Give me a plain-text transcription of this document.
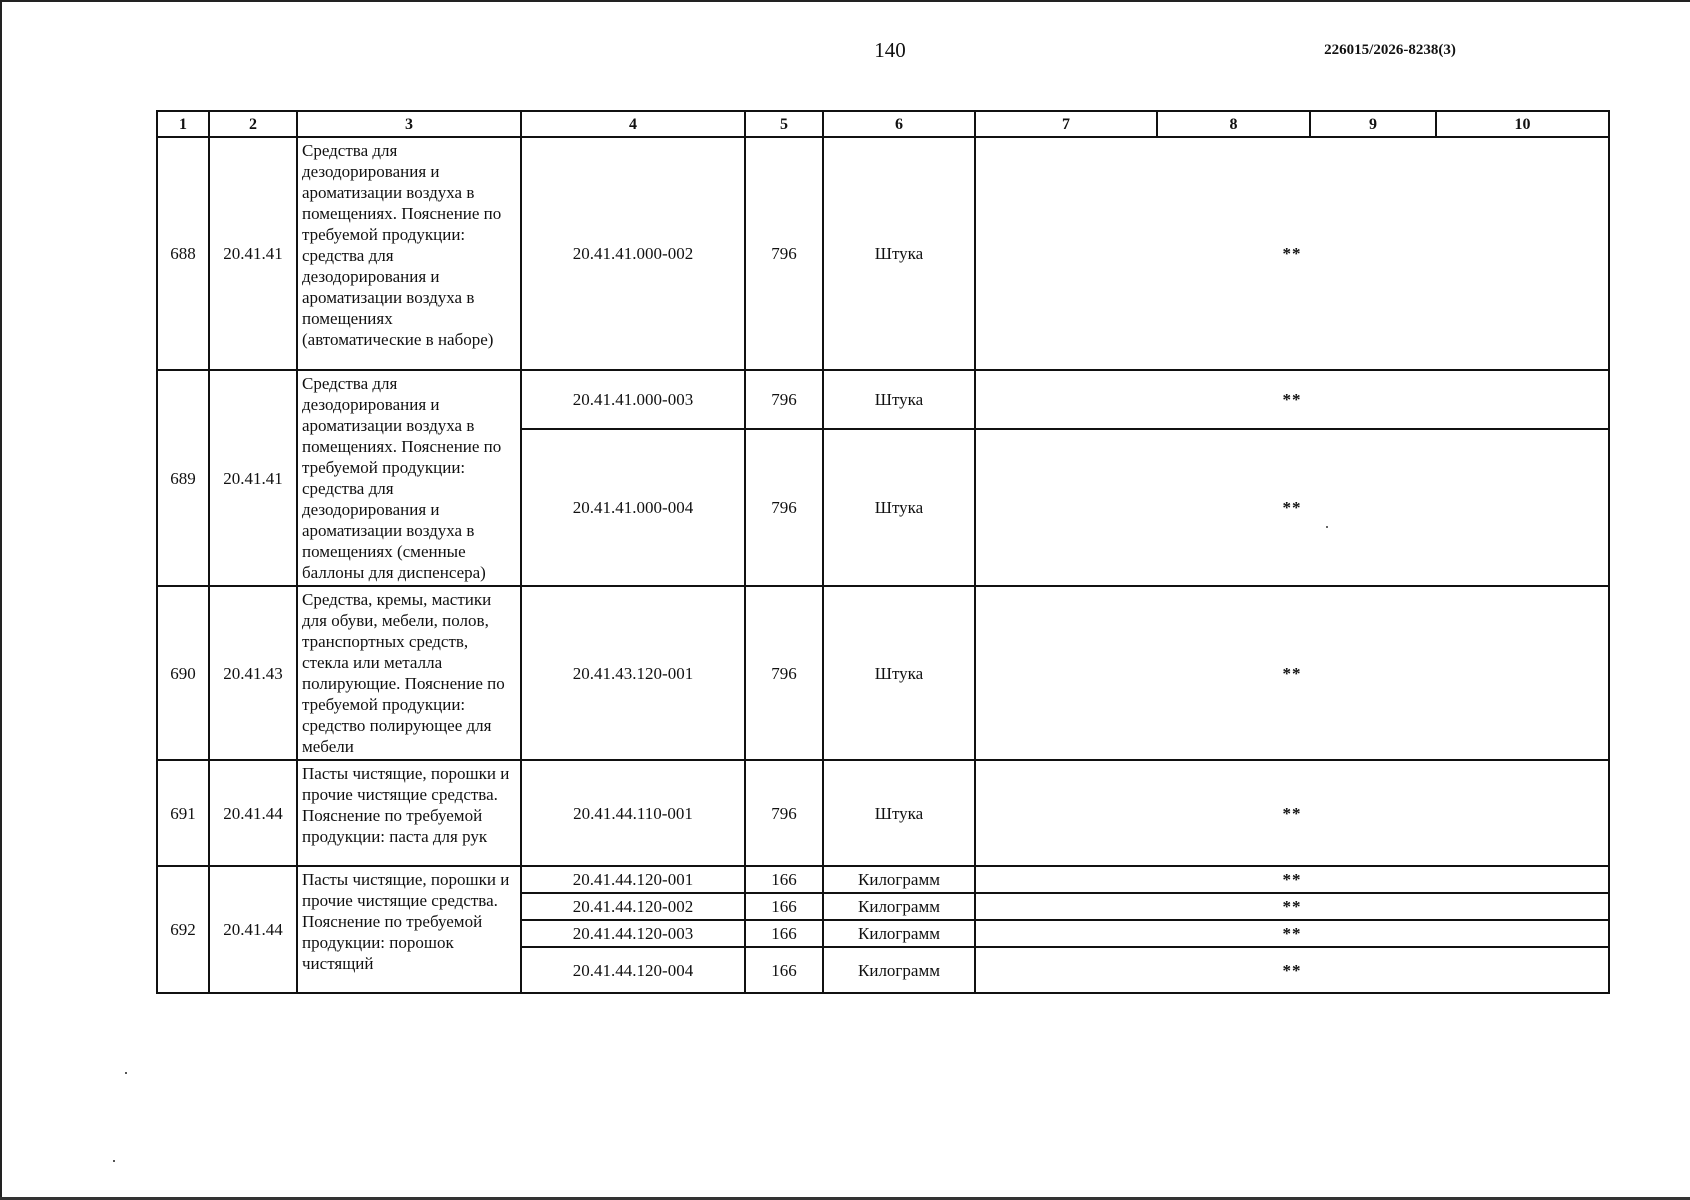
140	226015/2026-8238(3)
1	2	3	4	5	6	7	8	9	10
688	20.41.41	Средства для дезодорирования и ароматизации воздуха в помещениях. Пояснение по требуемой продукции: средства для дезодорирования и ароматизации воздуха в помещениях (автоматические в наборе)	20.41.41.000-002	796	Штука	**			
689	20.41.41	Средства для дезодорирования и ароматизации воздуха в помещениях. Пояснение по требуемой продукции: средства для дезодорирования и ароматизации воздуха в помещениях (сменные баллоны для диспенсера)	20.41.41.000-003	796	Штука	**			
			20.41.41.000-004	796	Штука	**			
690	20.41.43	Средства, кремы, мастики для обуви, мебели, полов, транспортных средств, стекла или металла полирующие. Пояснение по требуемой продукции: средство полирующее для мебели	20.41.43.120-001	796	Штука	**			
691	20.41.44	Пасты чистящие, порошки и прочие чистящие средства. Пояснение по требуемой продукции: паста для рук	20.41.44.110-001	796	Штука	**			
692	20.41.44	Пасты чистящие, порошки и прочие чистящие средства. Пояснение по требуемой продукции: порошок чистящий	20.41.44.120-001	166	Килограмм	**			
			20.41.44.120-002	166	Килограмм	**			
			20.41.44.120-003	166	Килограмм	**			
			20.41.44.120-004	166	Килограмм	**			
